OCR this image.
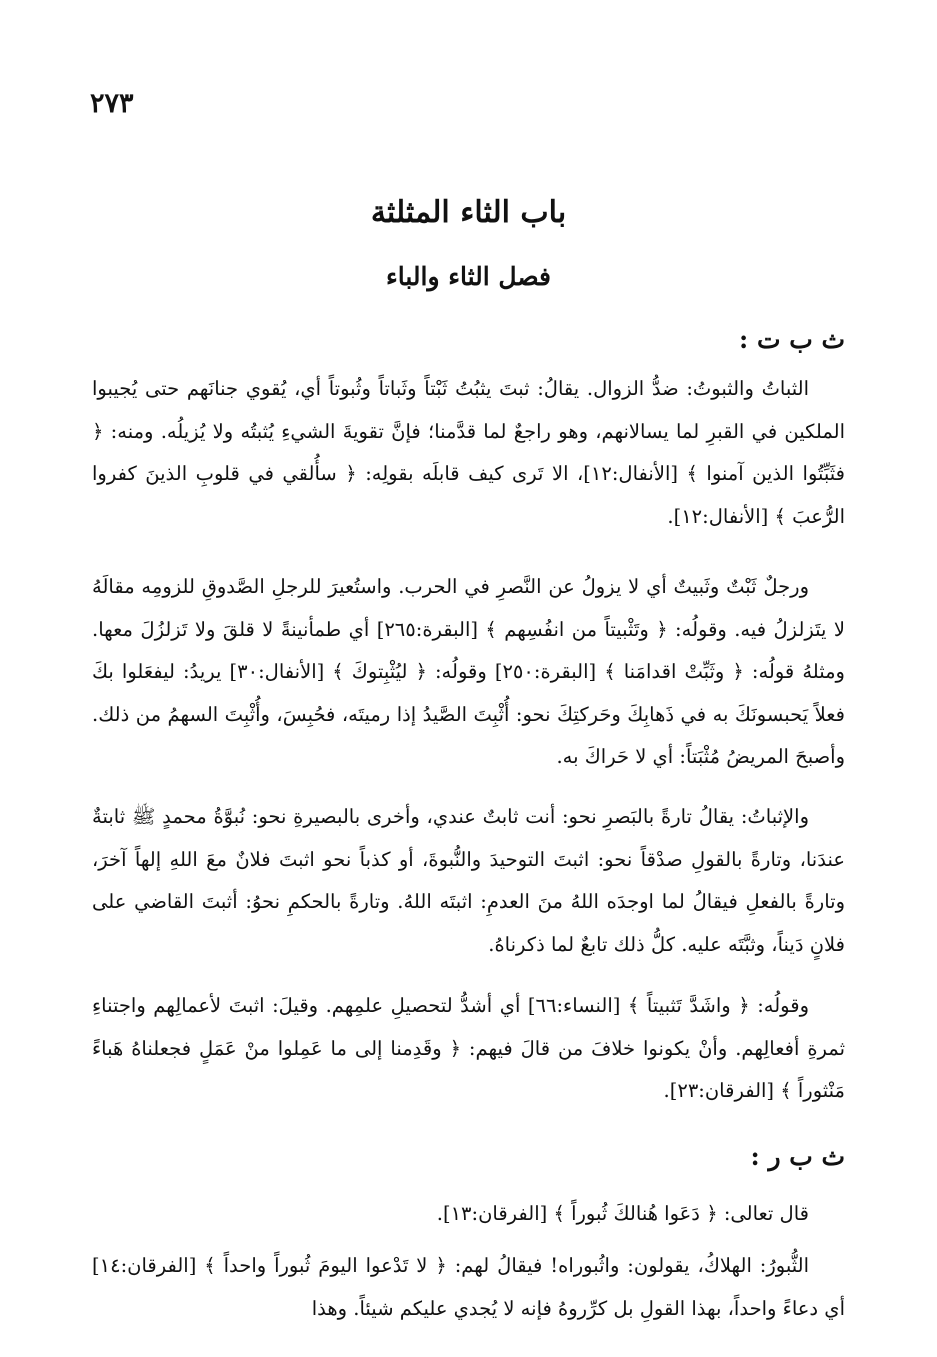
٢٧٣
باب الثاء المثلثة
فصل الثاء والباء
ث ب ت :

الثباتُ والثبوتُ: ضدُّ الزوال. يقالُ: ثبتَ يثبُتُ ثَبْتاً وثَباتاً وثُبوتاً أي، يُقوي جنانَهم حتى يُجيبوا الملكين في القبرِ لما يسالانهم، وهو راجعٌ لما قدَّمنا؛ فإنَّ تقويةَ الشيءِ يُثبتُه ولا يُزيلُه. ومنه: ﴿ فثَبِّتُوا الذين آمنوا ﴾ [الأنفال:١٢]، الا تَرى كيف قابلَه بقولِه: ﴿ سأُلقي في قلوبِ الذينَ كفروا الرُّعبَ ﴾ [الأنفال:١٢].

ورجلٌ ثَبْتٌ وثَبيتٌ أي لا يزولُ عن النَّصرِ في الحرب. واستُعيرَ للرجلِ الصَّدوقِ للزومِه مقالَهُ لا يتَزلزلُ فيه. وقولُه: ﴿ وتَثْبيتاً من انفُسِهم ﴾ [البقرة:٢٦٥] أي طمأنينةً لا قلقَ ولا تَزلزُلَ معها. ومثلهُ قولُه: ﴿ وثَبِّتْ اقدامَنا ﴾ [البقرة:٢٥٠] وقولُه: ﴿ ليُثْبِتوكَ ﴾ [الأنفال:٣٠] يريدُ: ليفعَلوا بكَ فعلاً يَحبسونَكَ به في ذَهابِكَ وحَركتِكَ نحو: أُثْبِتَ الصَّيدُ إذا رميتَه، فحُبِسَ، وأُثْبِتَ السهمُ من ذلك. وأصبحَ المريضُ مُثْبَتاً: أي لا حَراكَ به.

والإثباتُ: يقالُ تارةً بالبَصرِ نحو: أنت ثابتٌ عندي، وأخرى بالبصيرةِ نحو: نُبوَّةُ محمدٍ ﷺ ثابتةٌ عندَنا، وتارةً بالقولِ صدْقاً نحو: اثبتَ التوحيدَ والنُّبوةَ، أو كذباً نحو اثبتَ فلانٌ معَ اللهِ إلهاً آخرَ، وتارةً بالفعلِ فيقالُ لما اوجدَه اللهُ منَ العدمِ: اثبتَه اللهُ. وتارةً بالحكمِ نحوُ: أثبتَ القاضي على فلانٍ دَيناً، وثبَّتَه عليه. كلُّ ذلك تابعٌ لما ذكرناهُ.

وقولُه: ﴿ واشَدَّ تَثبيتاً ﴾ [النساء:٦٦] أي أشدُّ لتحصيلِ علمِهم. وقيلَ: اثبتَ لأعمالِهم واجتناءِ ثمرةِ أفعالِهم. وأنْ يكونوا خلافَ من قالَ فيهم: ﴿ وقَدِمنا إلى ما عَمِلوا منْ عَمَلٍ فجعلناهُ هَباءً مَنْثوراً ﴾ [الفرقان:٢٣].

ث ب ر :

قال تعالى: ﴿ دَعَوا هُنالكَ ثُبوراً ﴾ [الفرقان:١٣].

الثُّبورُ: الهلاكُ، يقولون: واثُبوراه! فيقالُ لهم: ﴿ لا تَدْعوا اليومَ ثُبوراً واحداً ﴾ [الفرقان:١٤] أي دعاءً واحداً، بهذا القولِ بل كرِّروهُ فإنه لا يُجدي عليكم شيئاً. وهذا
